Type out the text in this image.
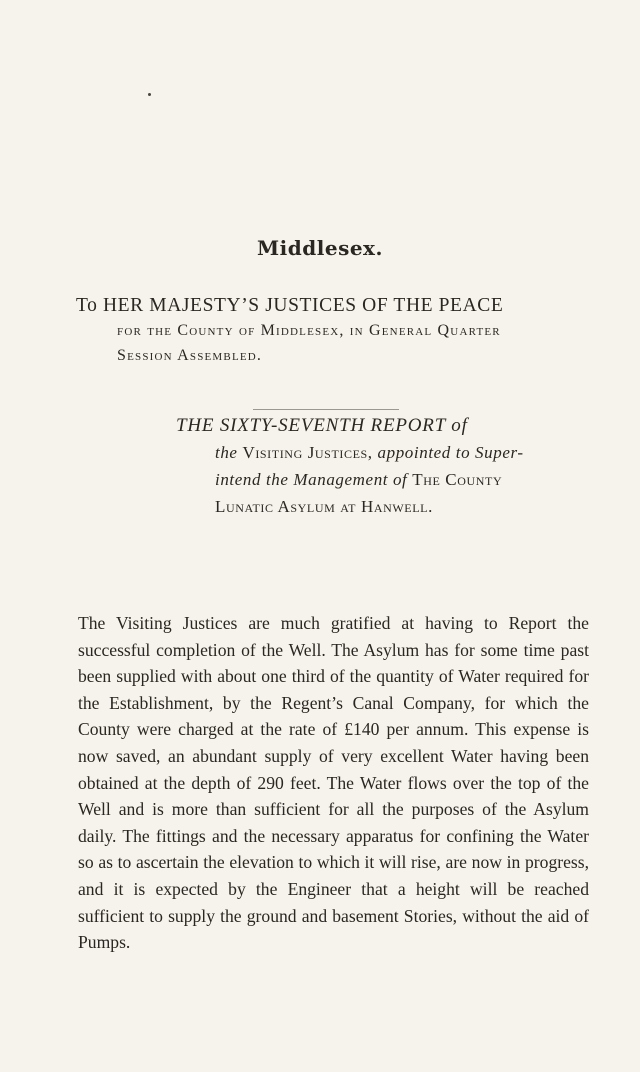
Middlesex.
To HER MAJESTY’S JUSTICES OF THE PEACE
for the County of Middlesex, in General Quarter
Session Assembled.
THE SIXTY-SEVENTH REPORT of
the Visiting Justices, appointed to Super-
intend the Management of The County
Lunatic Asylum at Hanwell.

The Visiting Justices are much gratified at having to Report the successful completion of the Well. The Asylum has for some time past been supplied with about one third of the quantity of Water required for the Establishment, by the Regent’s Canal Company, for which the County were charged at the rate of £140 per annum. This expense is now saved, an abundant supply of very excellent Water having been obtained at the depth of 290 feet. The Water flows over the top of the Well and is more than sufficient for all the purposes of the Asylum daily. The fittings and the necessary apparatus for confining the Water so as to ascertain the elevation to which it will rise, are now in progress, and it is expected by the Engineer that a height will be reached sufficient to supply the ground and basement Stories, without the aid of Pumps.
